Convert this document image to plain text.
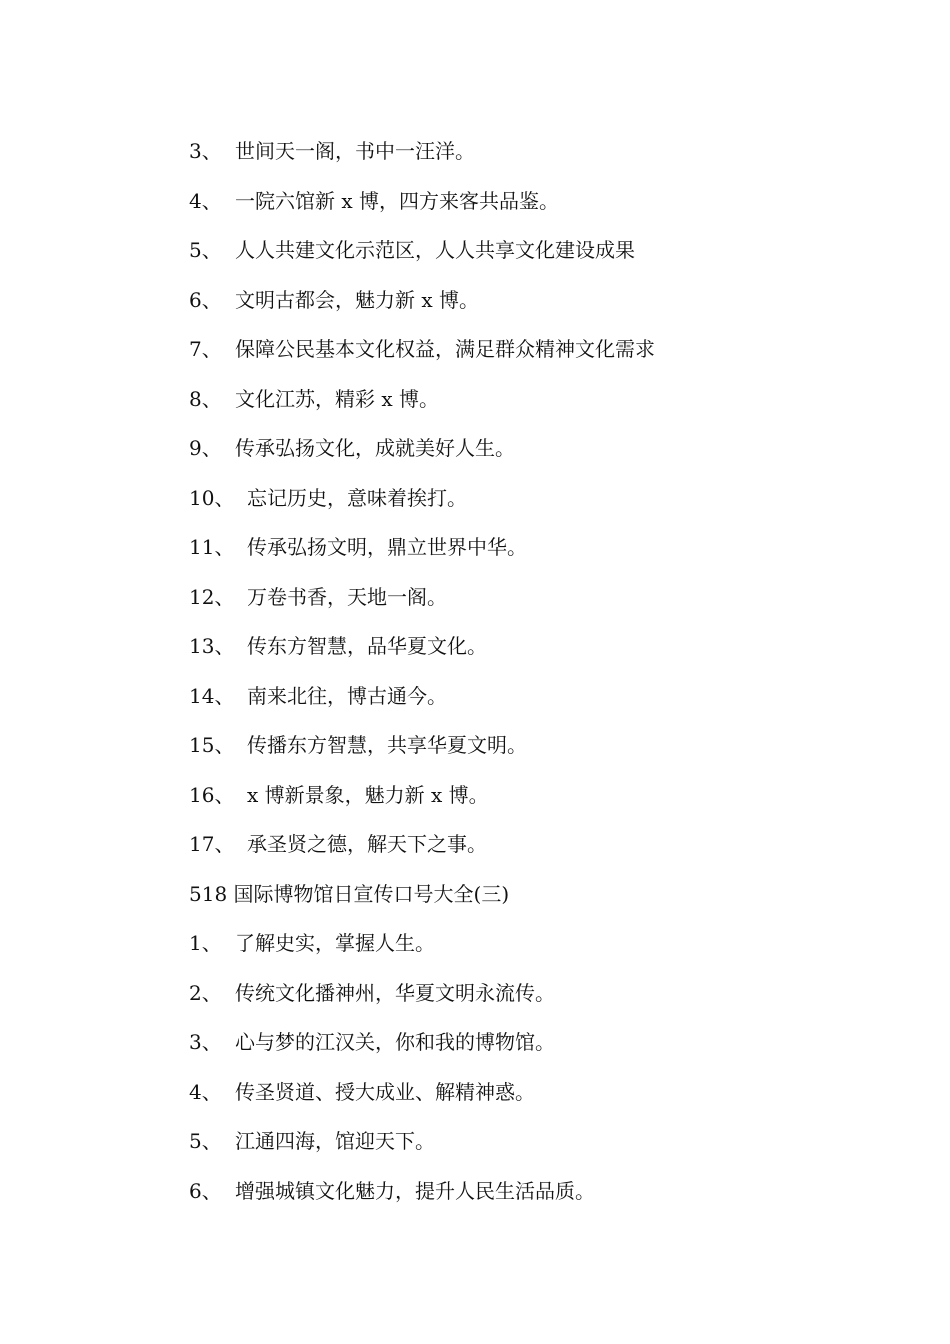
3、 世间天一阁，书中一汪洋。
4、 一院六馆新 x 博，四方来客共品鉴。
5、 人人共建文化示范区，人人共享文化建设成果
6、 文明古都会，魅力新 x 博。
7、 保障公民基本文化权益，满足群众精神文化需求
8、 文化江苏，精彩 x 博。
9、 传承弘扬文化，成就美好人生。
10、 忘记历史，意味着挨打。
11、 传承弘扬文明，鼎立世界中华。
12、 万卷书香，天地一阁。
13、 传东方智慧，品华夏文化。
14、 南来北往，博古通今。
15、 传播东方智慧，共享华夏文明。
16、 x 博新景象，魅力新 x 博。
17、 承圣贤之德，解天下之事。
518 国际博物馆日宣传口号大全(三)
1、 了解史实，掌握人生。
2、 传统文化播神州，华夏文明永流传。
3、 心与梦的江汉关，你和我的博物馆。
4、 传圣贤道、授大成业、解精神惑。
5、 江通四海，馆迎天下。
6、 增强城镇文化魅力，提升人民生活品质。
